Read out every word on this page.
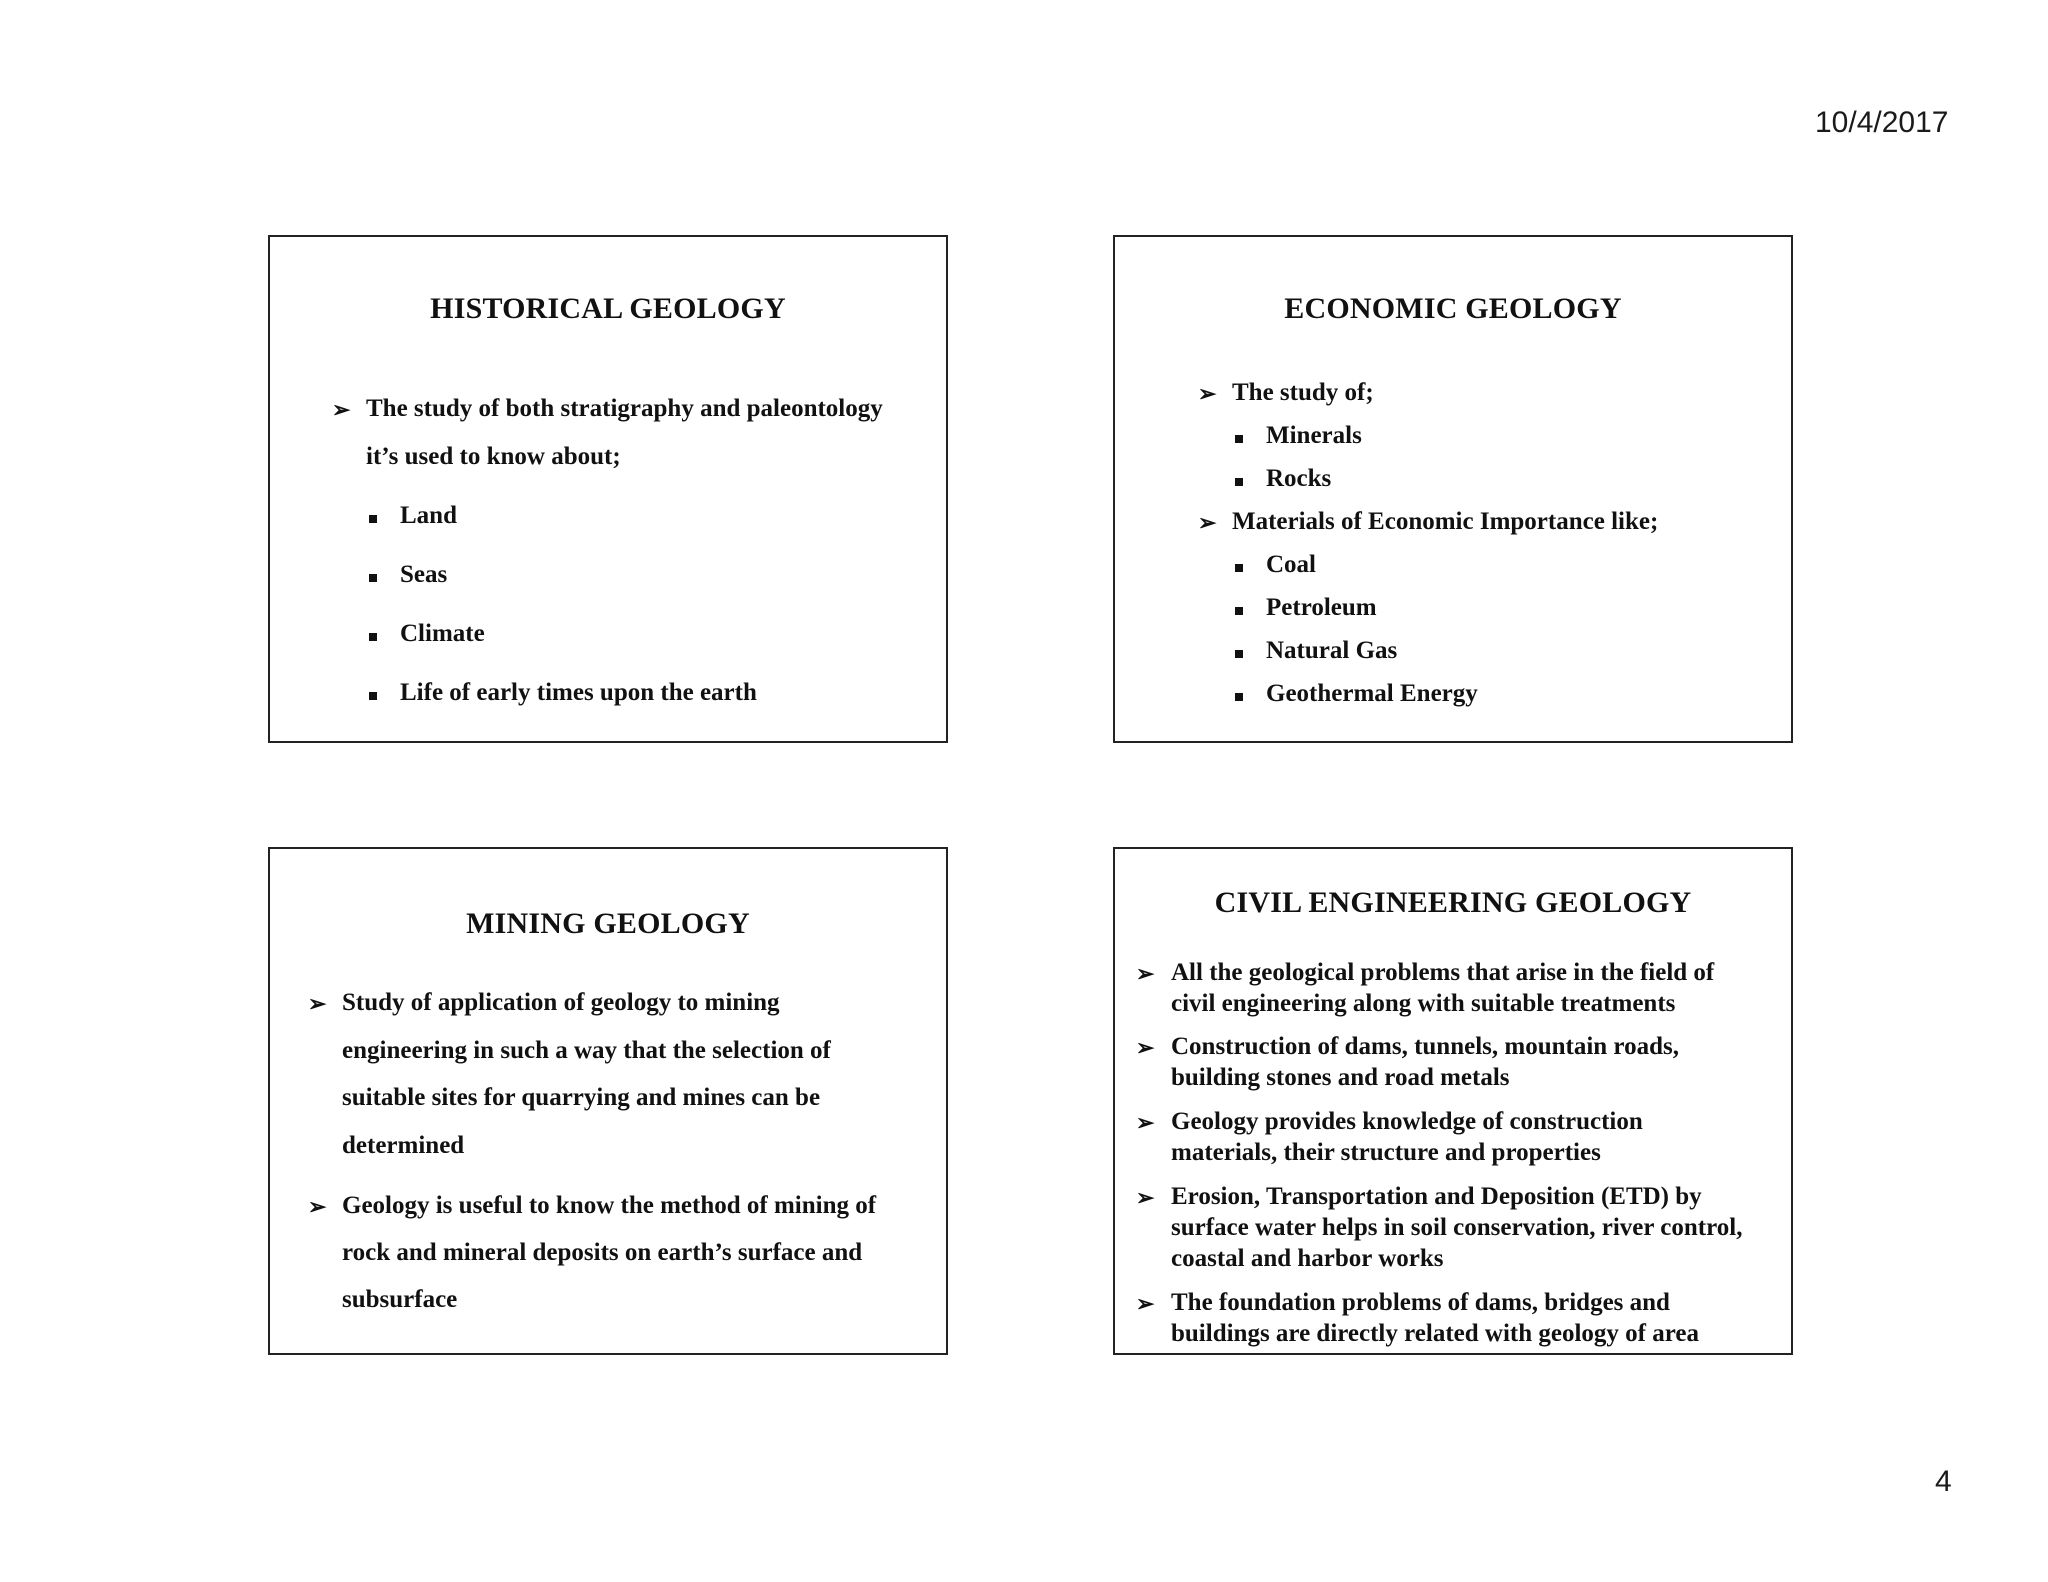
10/4/2017
HISTORICAL GEOLOGY
➢ The study of both stratigraphy and paleontology
it’s used to know about;
Land
Seas
Climate
Life of early times upon the earth
ECONOMIC GEOLOGY
➢ The study of;
Minerals
Rocks
➢ Materials of Economic Importance like;
Coal
Petroleum
Natural Gas
Geothermal Energy
MINING GEOLOGY
➢ Study of application of geology to mining
engineering in such a way that the selection of
suitable sites for quarrying and mines can be
determined
➢ Geology is useful to know the method of mining of
rock and mineral deposits on earth’s surface and
subsurface
CIVIL ENGINEERING GEOLOGY
➢ All the geological problems that arise in the field of
civil engineering along with suitable treatments
➢ Construction of dams, tunnels, mountain roads,
building stones and road metals
➢ Geology provides knowledge of construction
materials, their structure and properties
➢ Erosion, Transportation and Deposition (ETD) by
surface water helps in soil conservation, river control,
coastal and harbor works
➢ The foundation problems of dams, bridges and
buildings are directly related with geology of area
4
